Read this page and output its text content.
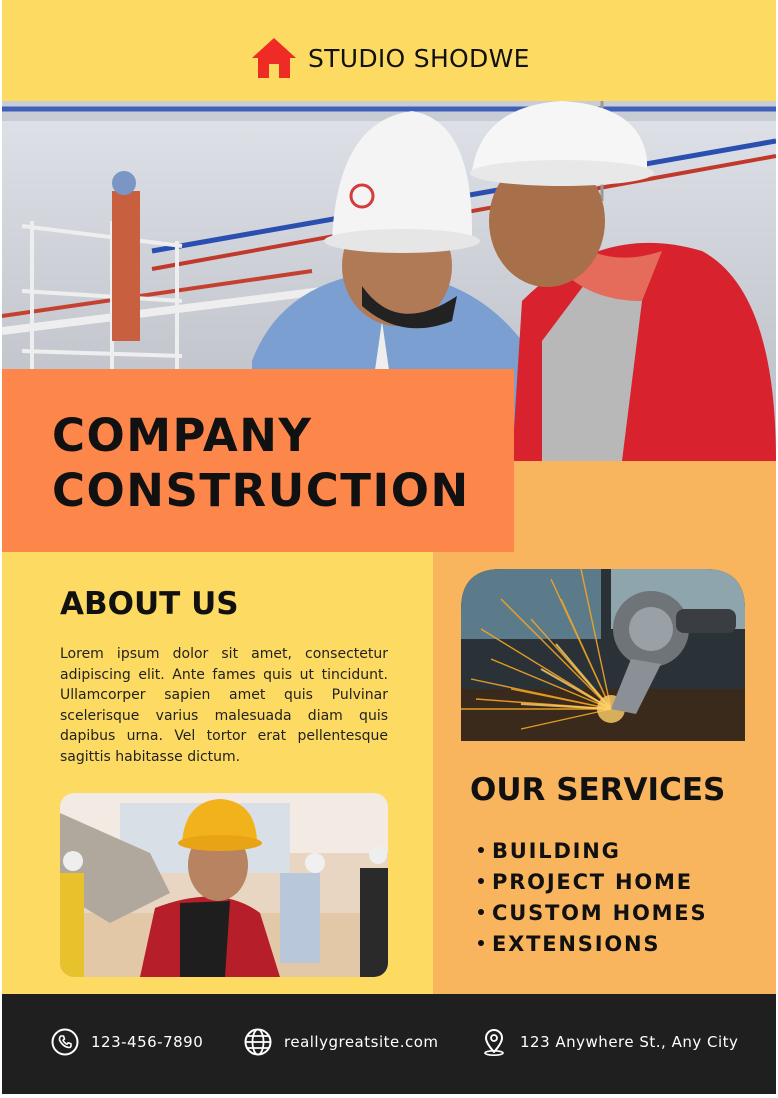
STUDIO SHODWE
COMPANY
CONSTRUCTION
ABOUT US

Lorem ipsum dolor sit amet, consectetur adipiscing elit. Ante fames quis ut tincidunt. Ullamcorper sapien amet quis Pulvinar scelerisque varius malesuada diam quis dapibus urna. Vel tortor erat pellentesque sagittis habitasse dictum.

OUR SERVICES
BUILDING
PROJECT HOME
CUSTOM HOMES
EXTENSIONS
123-456-7890	reallygreatsite.com	123 Anywhere St., Any City
